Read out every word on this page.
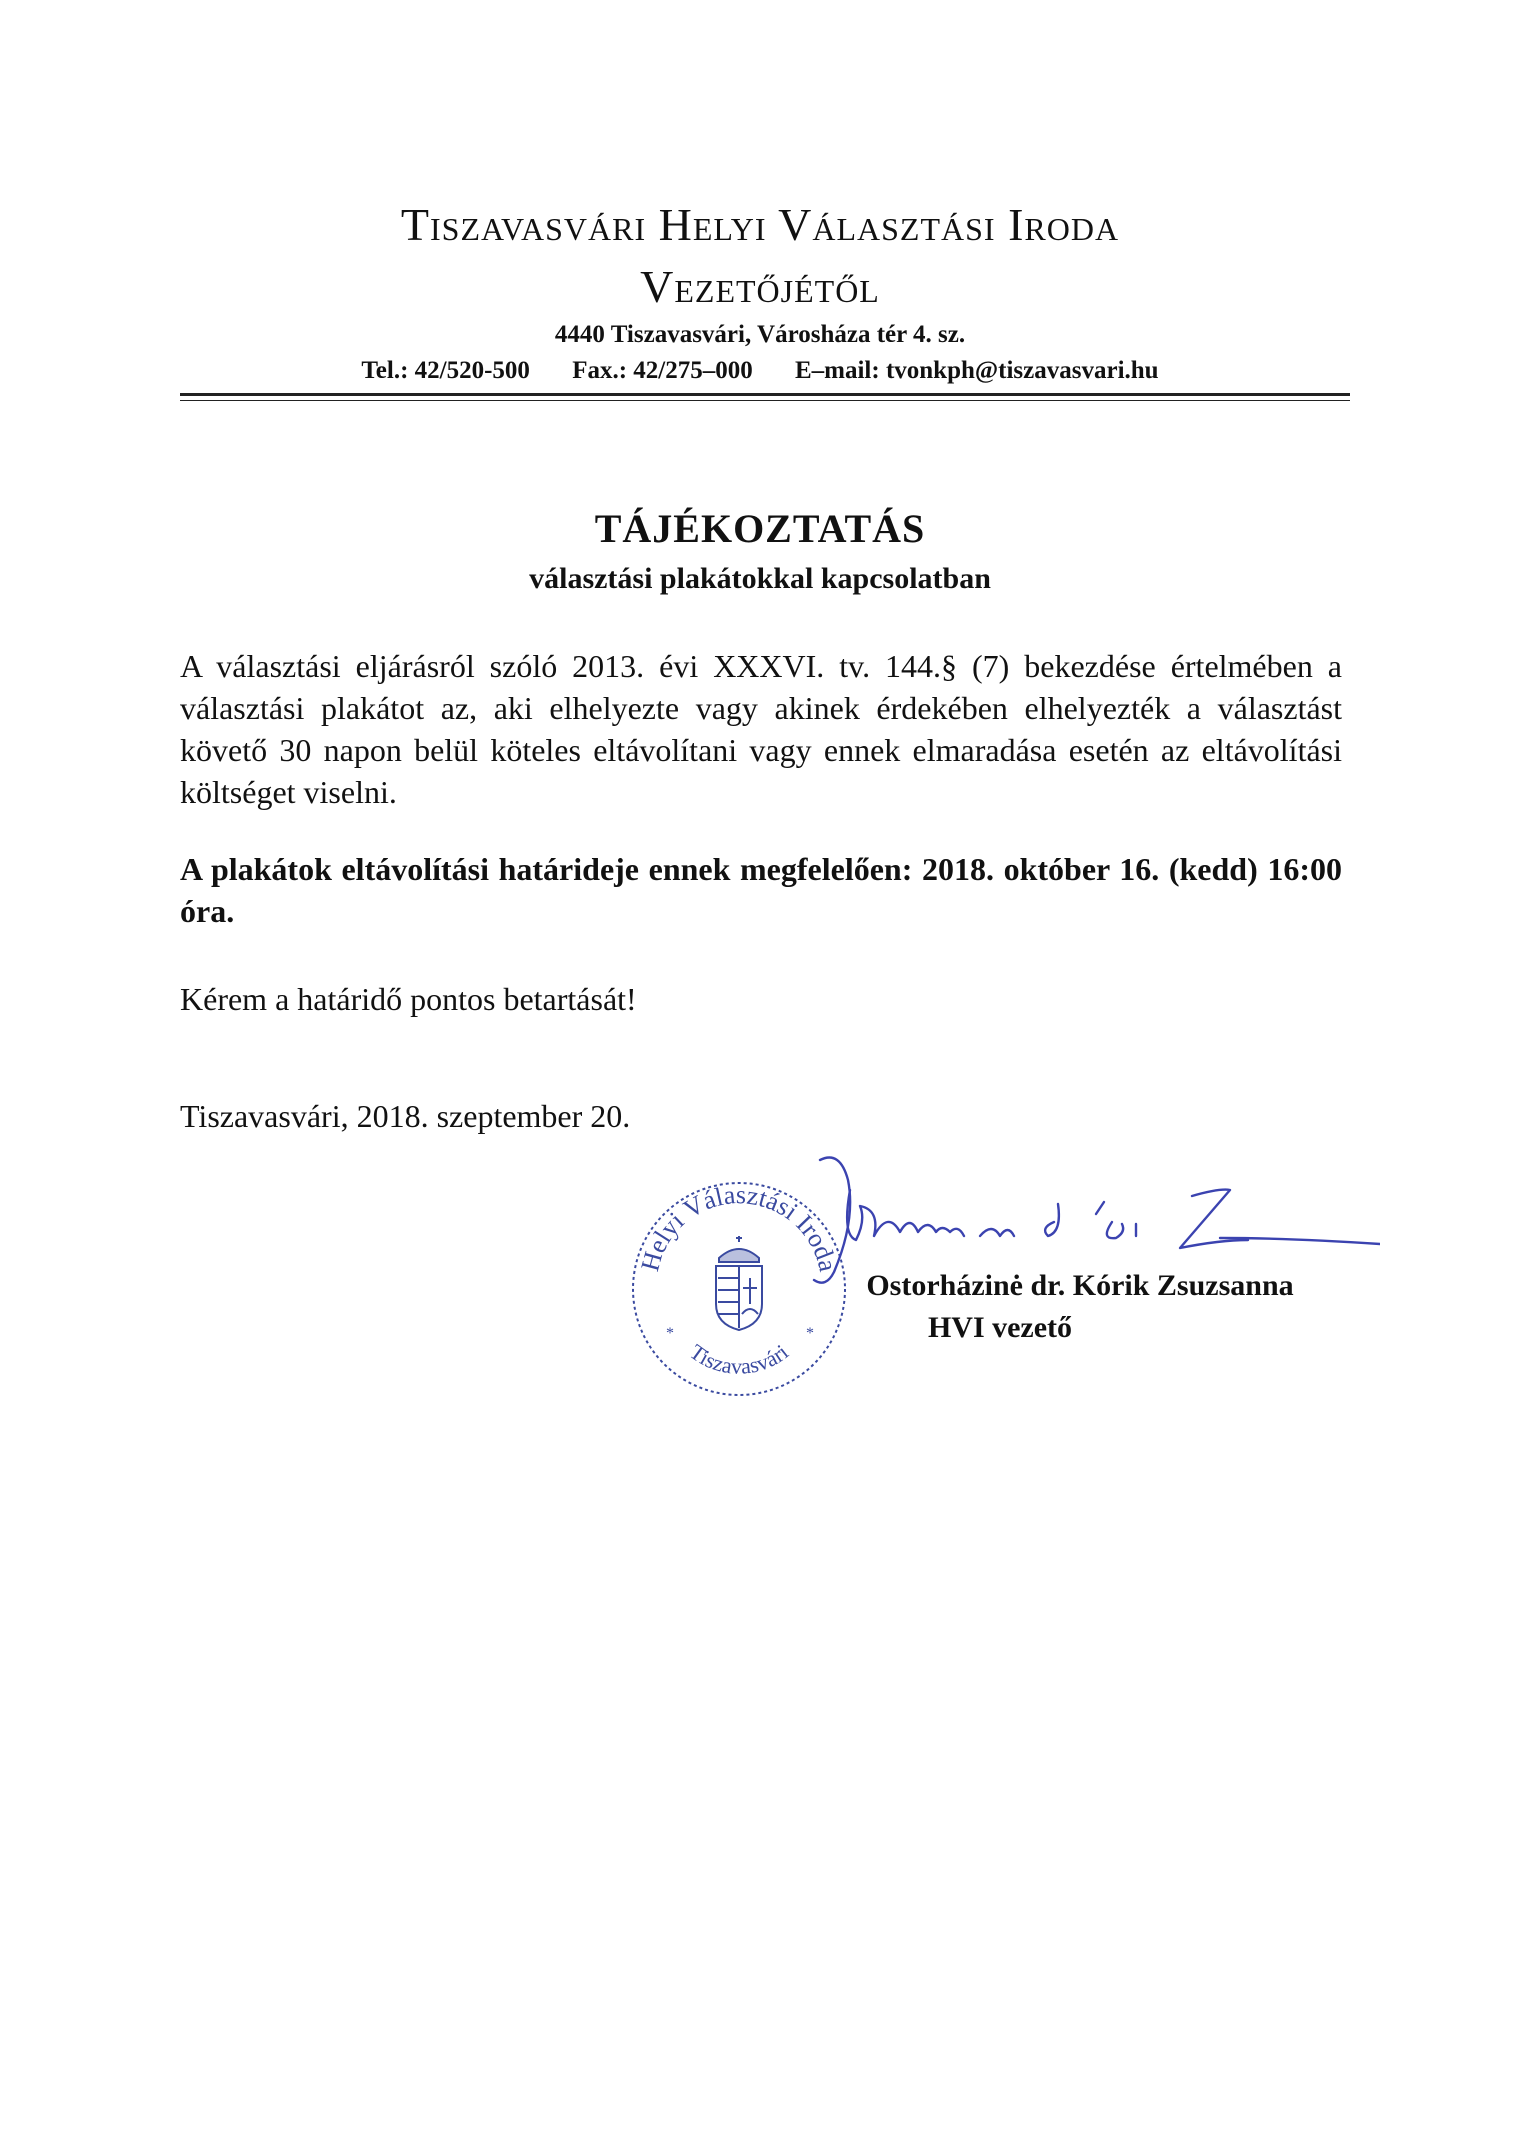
Tiszavasvári Helyi Választási Iroda
Vezetőjétől

4440 Tiszavasvári, Városháza tér 4. sz.

Tel.: 42/520-500 Fax.: 42/275–000 E–mail: tvonkph@tiszavasvari.hu

TÁJÉKOZTATÁS

választási plakátokkal kapcsolatban

A választási eljárásról szóló 2013. évi XXXVI. tv. 144.§ (7) bekezdése értelmében a választási plakátot az, aki elhelyezte vagy akinek érdekében elhelyezték a választást követő 30 napon belül köteles eltávolítani vagy ennek elmaradása esetén az eltávolítási költséget viselni.

A plakátok eltávolítási határideje ennek megfelelően: 2018. október 16. (kedd) 16:00 óra.

Kérem a határidő pontos betartását!

Tiszavasvári, 2018. szeptember 20.

Helyi Választási Iroda
Tiszavasvári
*	*

Ostorházinė dr. Kórik Zsuzsanna

HVI vezető
